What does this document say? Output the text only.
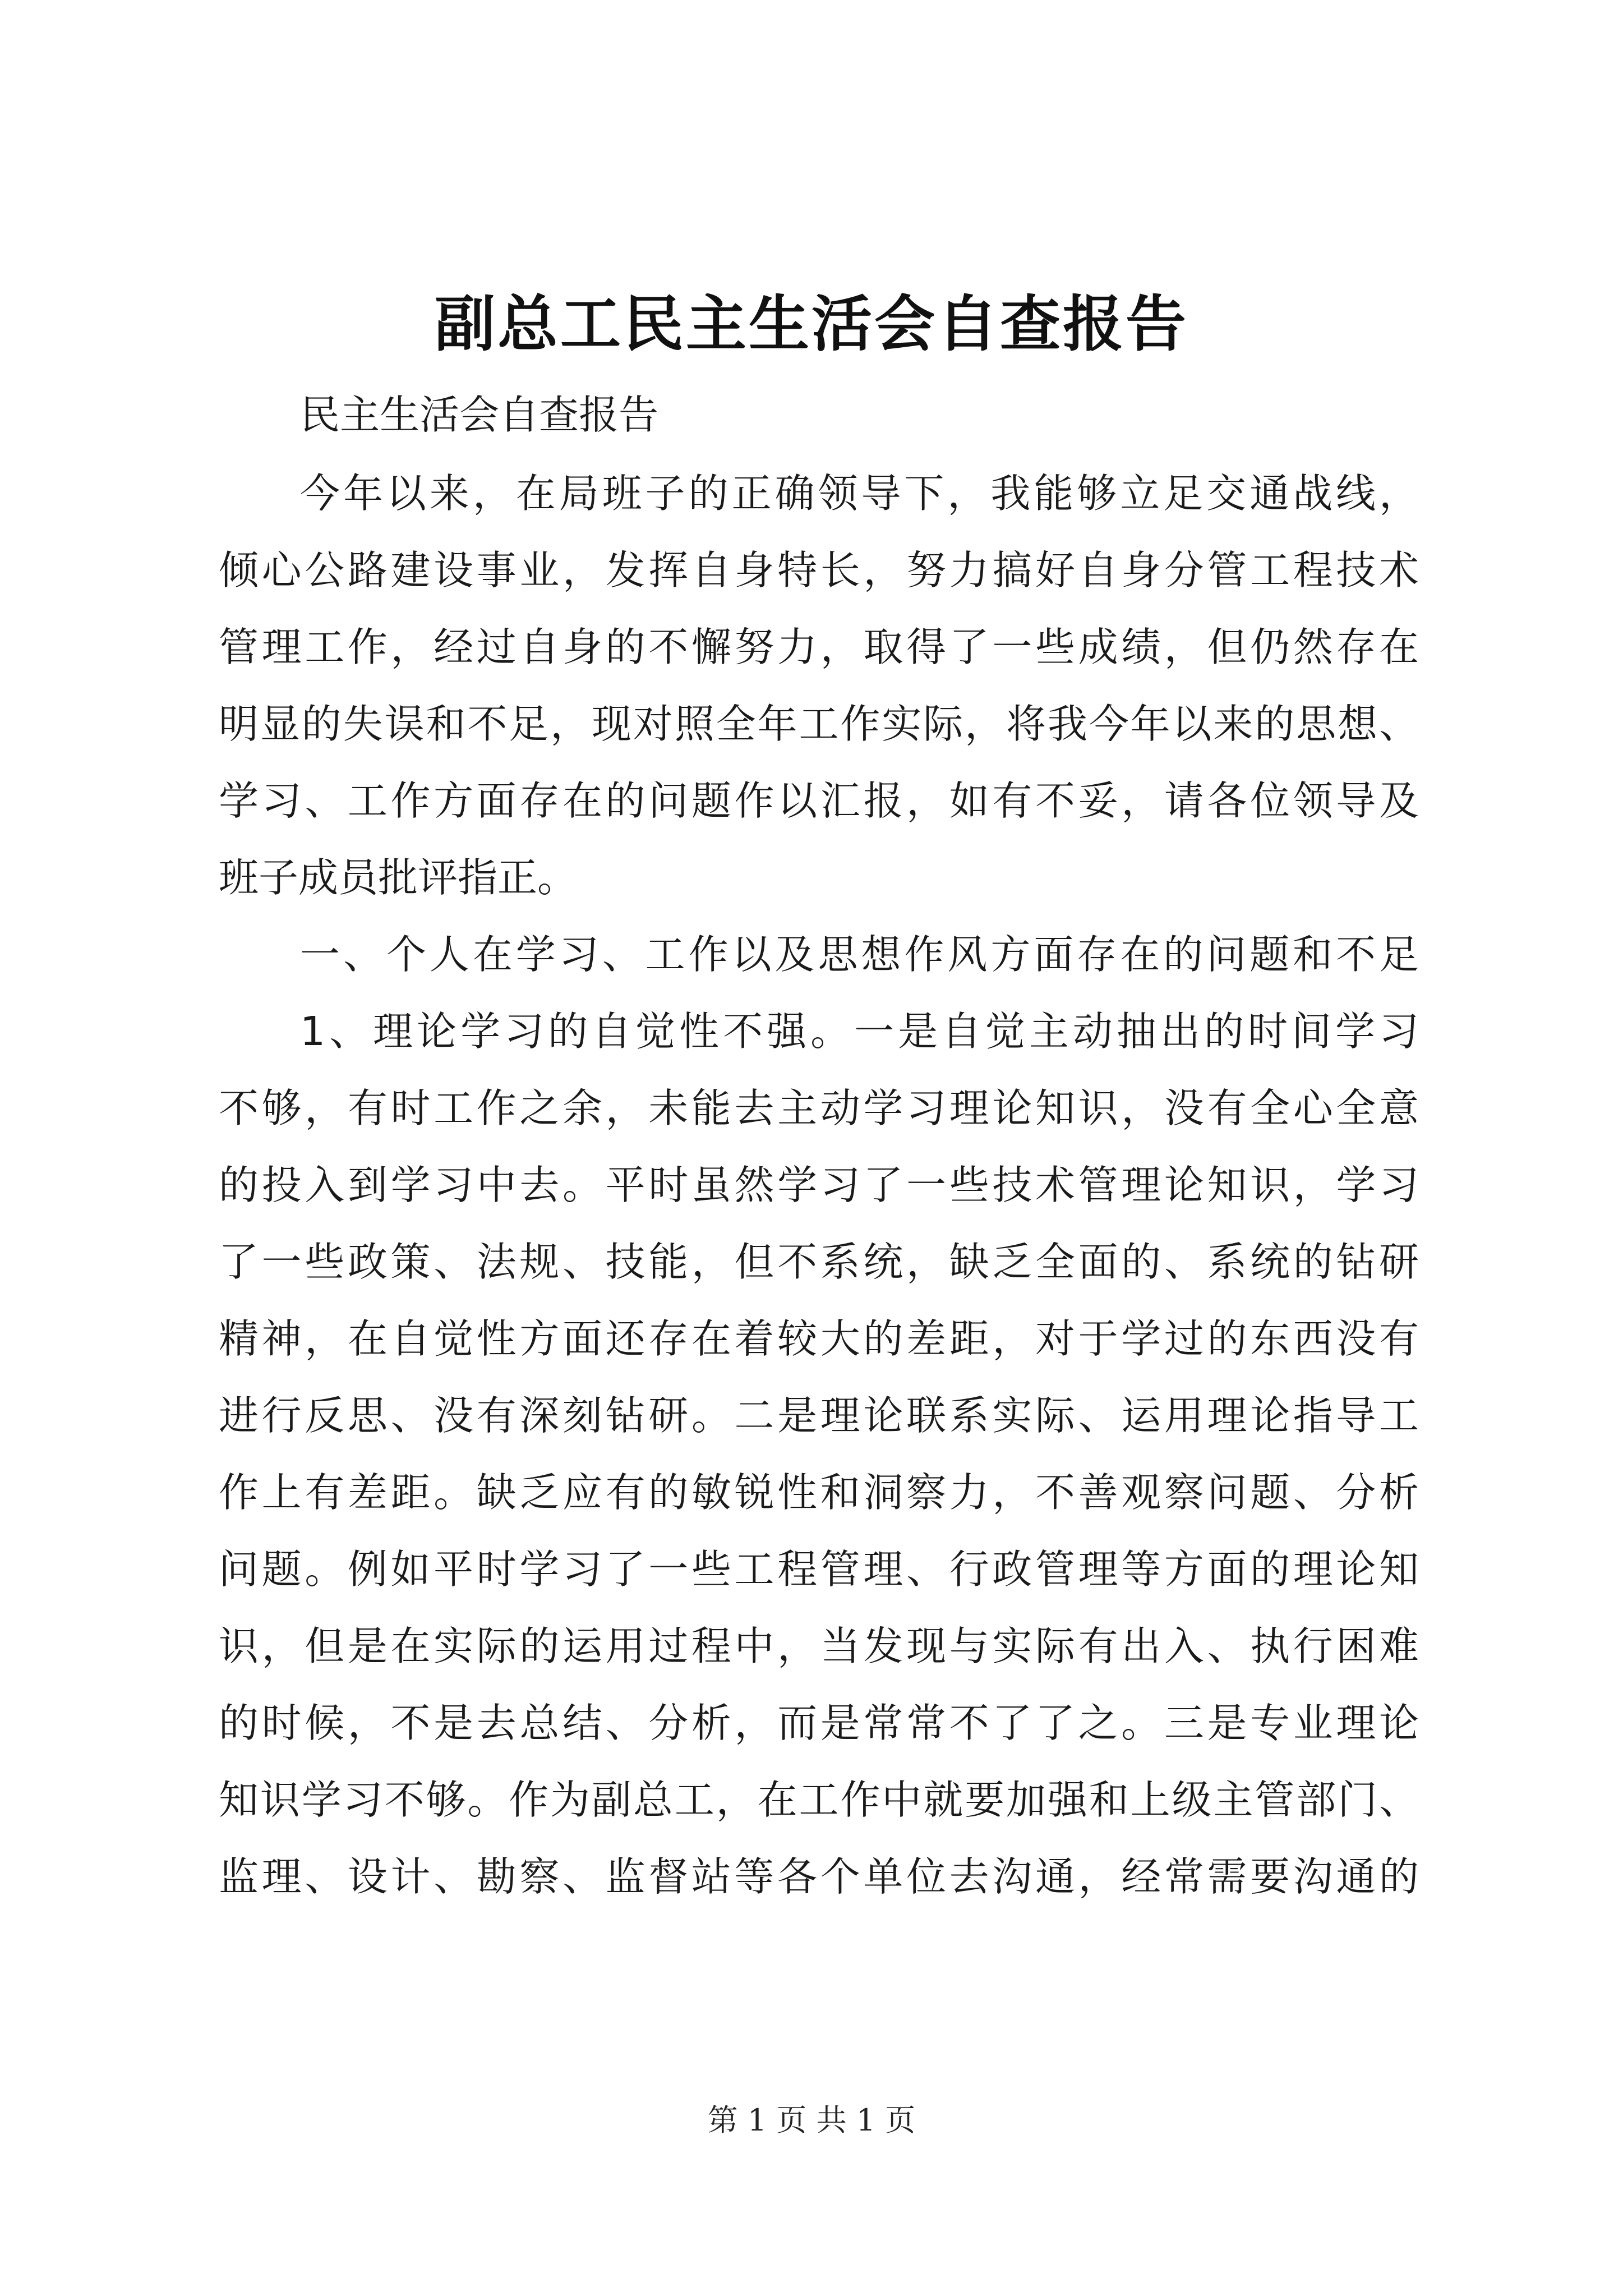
副总工民主生活会自查报告
民主生活会自查报告
今年以来，在局班子的正确领导下，我能够立足交通战线，
倾心公路建设事业，发挥自身特长，努力搞好自身分管工程技术
管理工作，经过自身的不懈努力，取得了一些成绩，但仍然存在
明显的失误和不足，现对照全年工作实际，将我今年以来的思想、
学习、工作方面存在的问题作以汇报，如有不妥，请各位领导及
班子成员批评指正。
一、个人在学习、工作以及思想作风方面存在的问题和不足
1、理论学习的自觉性不强。一是自觉主动抽出的时间学习
不够，有时工作之余，未能去主动学习理论知识，没有全心全意
的投入到学习中去。平时虽然学习了一些技术管理论知识，学习
了一些政策、法规、技能，但不系统，缺乏全面的、系统的钻研
精神，在自觉性方面还存在着较大的差距，对于学过的东西没有
进行反思、没有深刻钻研。二是理论联系实际、运用理论指导工
作上有差距。缺乏应有的敏锐性和洞察力，不善观察问题、分析
问题。例如平时学习了一些工程管理、行政管理等方面的理论知
识，但是在实际的运用过程中，当发现与实际有出入、执行困难
的时候，不是去总结、分析，而是常常不了了之。三是专业理论
知识学习不够。作为副总工，在工作中就要加强和上级主管部门、
监理、设计、勘察、监督站等各个单位去沟通，经常需要沟通的
第 1 页 共 1 页
